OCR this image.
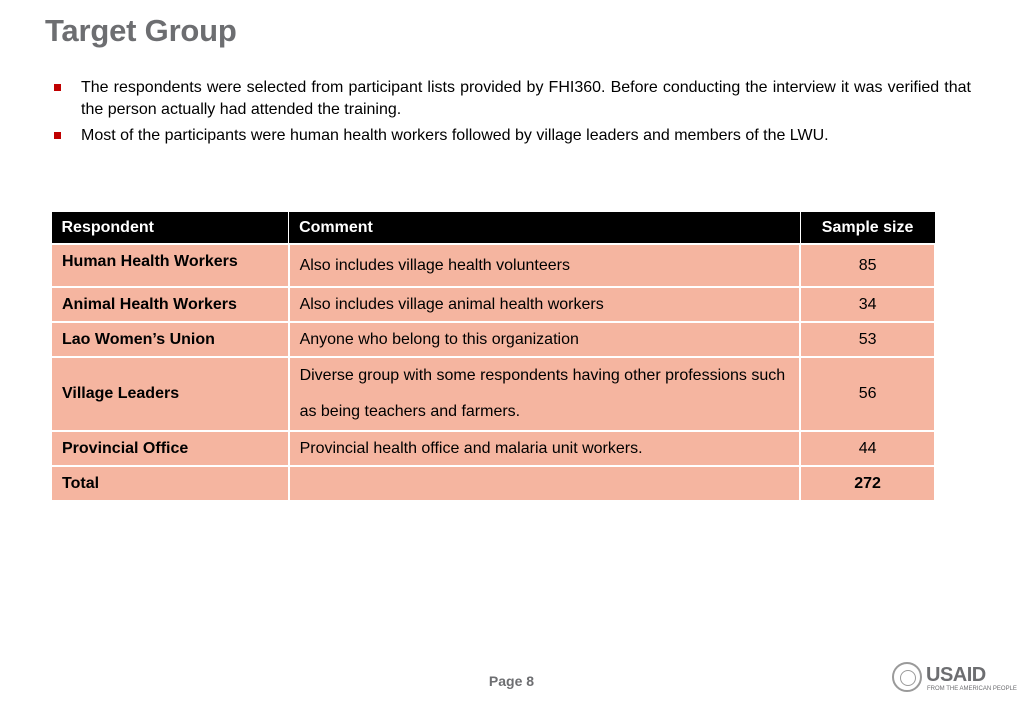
Target Group
The respondents were selected from participant lists provided by FHI360. Before conducting the interview it was verified that the person actually had attended the training.
Most of the participants were human health workers followed by village leaders and members of the LWU.
Respondent	Comment	Sample size
Human Health Workers	Also includes village health volunteers	85
Animal Health Workers	Also includes village animal health workers	34
Lao Women’s Union	Anyone who belong to this organization	53
Village Leaders	Diverse group with some respondents having other professions such as being teachers and farmers.	56
Provincial Office	Provincial health office and malaria unit workers.	44
Total		272
Page 8	USAID
FROM THE AMERICAN PEOPLE
